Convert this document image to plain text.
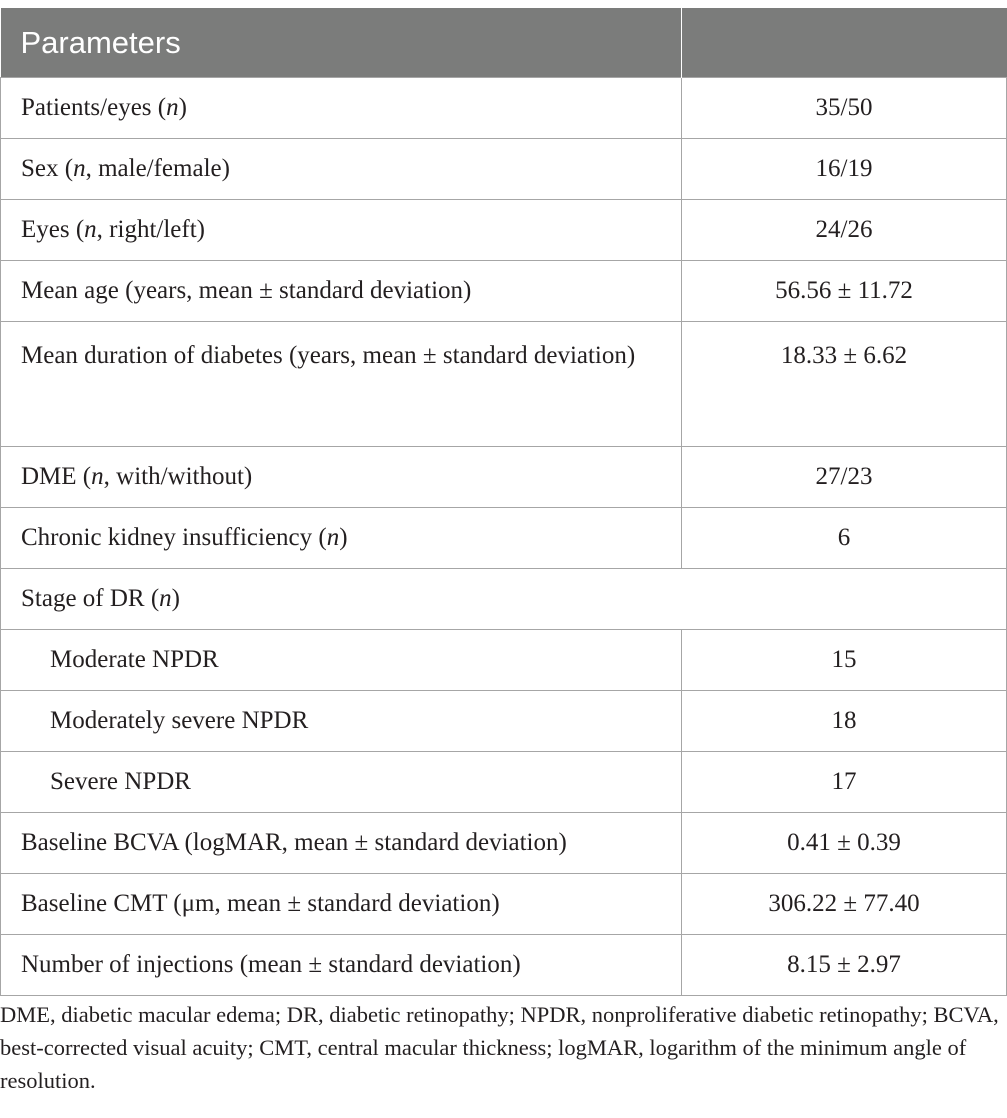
Parameters	
Patients/eyes (n)	35/50
Sex (n, male/female)	16/19
Eyes (n, right/left)	24/26
Mean age (years, mean ± standard deviation)	56.56 ± 11.72
Mean duration of diabetes (years, mean ± standard deviation)	18.33 ± 6.62
DME (n, with/without)	27/23
Chronic kidney insufficiency (n)	6
Stage of DR (n)	
Moderate NPDR	15
Moderately severe NPDR	18
Severe NPDR	17
Baseline BCVA (logMAR, mean ± standard deviation)	0.41 ± 0.39
Baseline CMT (μm, mean ± standard deviation)	306.22 ± 77.40
Number of injections (mean ± standard deviation)	8.15 ± 2.97
DME, diabetic macular edema; DR, diabetic retinopathy; NPDR, nonproliferative diabetic retinopathy; BCVA, best-corrected visual acuity; CMT, central macular thickness; logMAR, logarithm of the minimum angle of resolution.
